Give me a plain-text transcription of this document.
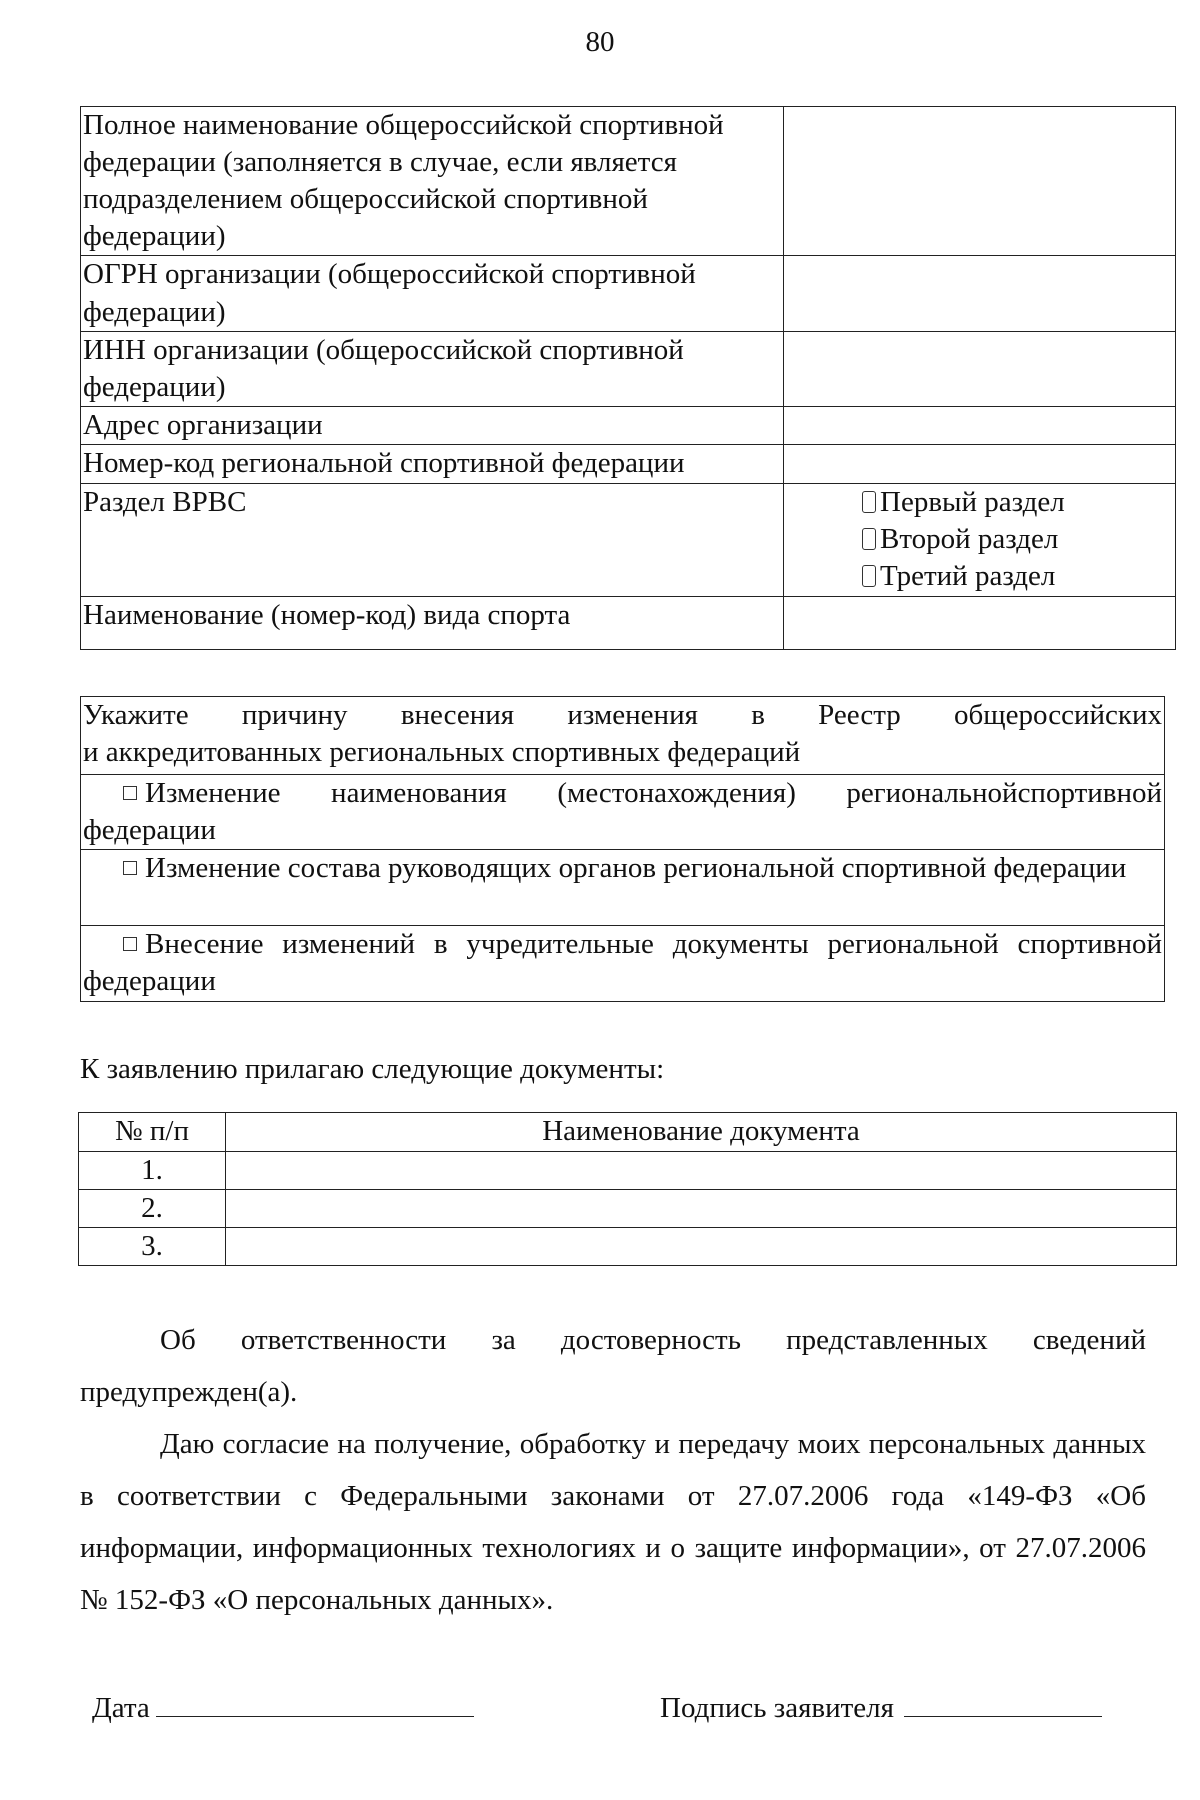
80
Полное наименование общероссийской спортивной федерации (заполняется в случае, если является подразделением общероссийской спортивной федерации)	
ОГРН организации (общероссийской спортивной федерации)	
ИНН организации (общероссийской спортивной федерации)	
Адрес организации	
Номер-код региональной спортивной федерации	
Раздел ВРВС	Первый раздел
Второй раздел
Третий раздел

Наименование (номер-код) вида спорта	
Укажите причину внесения изменения в Реестр общероссийских
и аккредитованных региональных спортивных федераций
Изменение наименования (местонахождения) региональнойспортивной федерации
Изменение состава руководящих органов региональной спортивной федерации
Внесение изменений в учредительные документы региональной спортивной федерации
К заявлению прилагаю следующие документы:
№ п/п	Наименование документа
1.	
2.	
3.	

Об ответственности за достоверность представленных сведений предупрежден(а).

Даю согласие на получение, обработку и передачу моих персональных данных в соответствии с Федеральными законами от 27.07.2006 года «149-ФЗ «Об информации, информационных технологиях и о защите информации», от 27.07.2006 № 152-ФЗ «О персональных данных».

Дата	Подпись заявителя
